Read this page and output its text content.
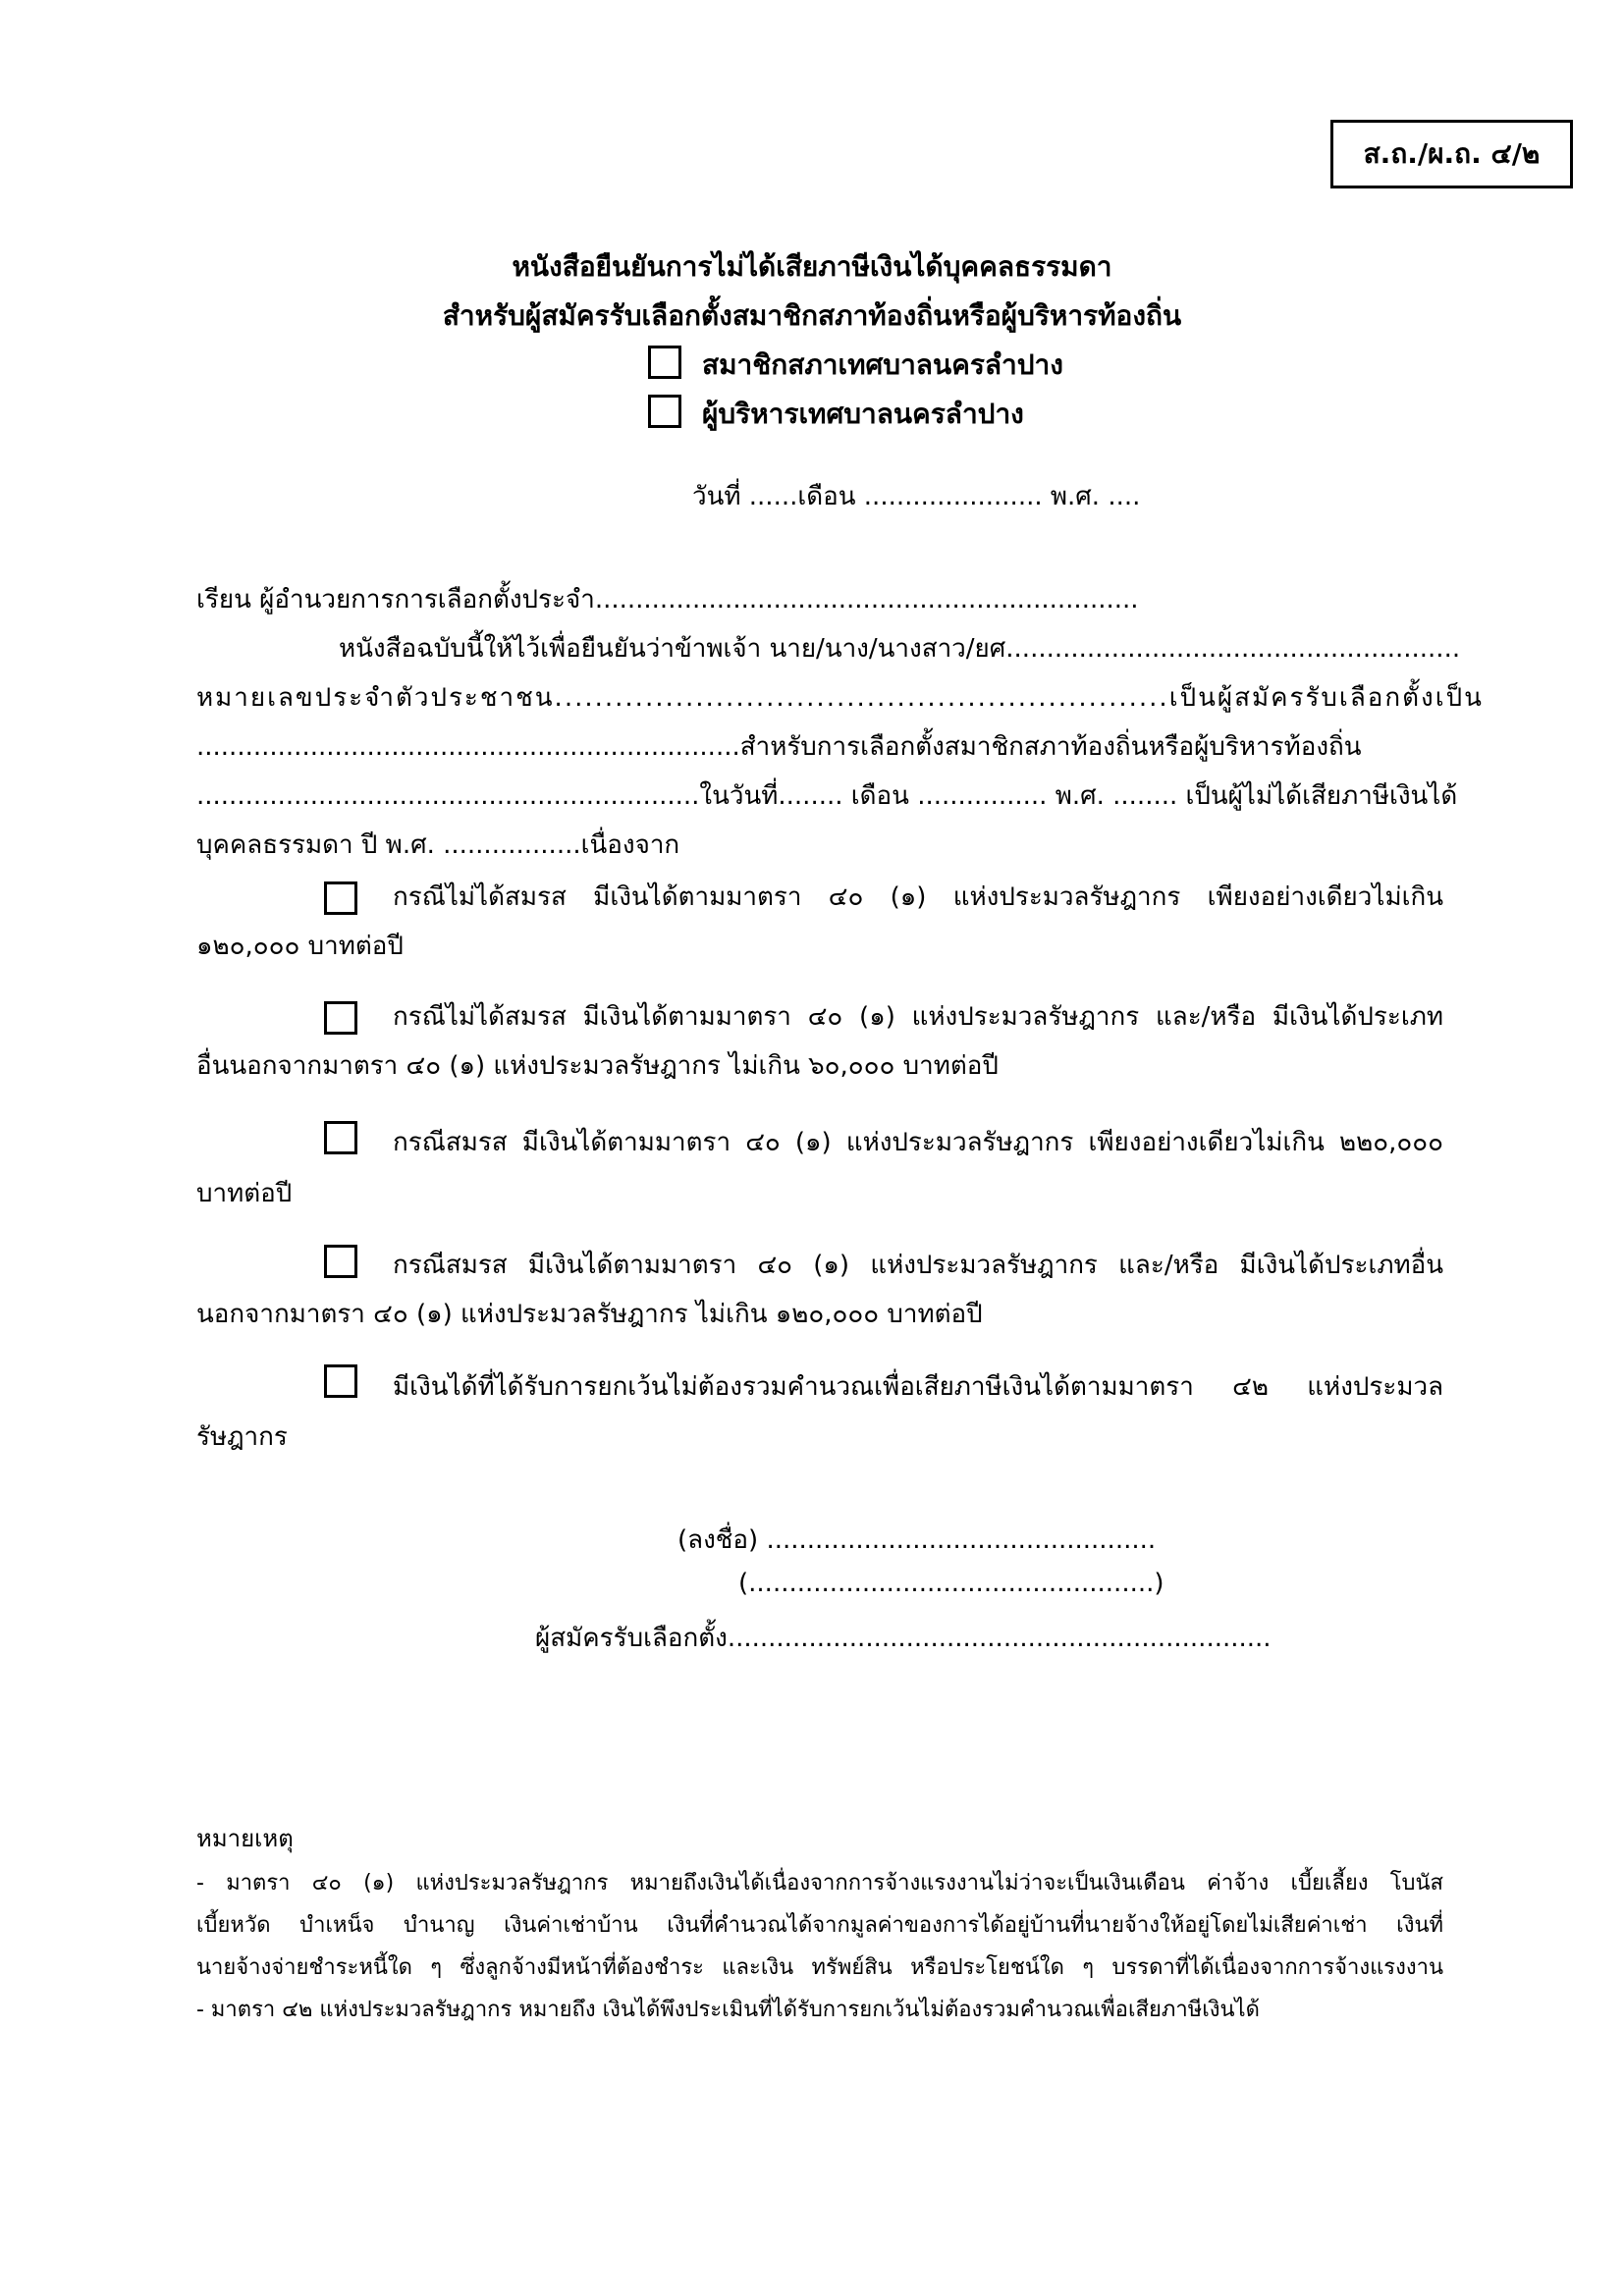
ส.ถ./ผ.ถ. ๔/๒
หนังสือยืนยันการไม่ได้เสียภาษีเงินได้บุคคลธรรมดา
สำหรับผู้สมัครรับเลือกตั้งสมาชิกสภาท้องถิ่นหรือผู้บริหารท้องถิ่น
สมาชิกสภาเทศบาลนครลำปาง
ผู้บริหารเทศบาลนครลำปาง
วันที่ ......เดือน ...................... พ.ศ. ....
เรียน ผู้อำนวยการการเลือกตั้งประจำ...................................................................
หนังสือฉบับนี้ให้ไว้เพื่อยืนยันว่าข้าพเจ้า นาย/นาง/นางสาว/ยศ........................................................
หมายเลขประจำตัวประชาชน.............................................................เป็นผู้สมัครรับเลือกตั้งเป็น
...................................................................สำหรับการเลือกตั้งสมาชิกสภาท้องถิ่นหรือผู้บริหารท้องถิ่น
..............................................................ในวันที่........ เดือน ................ พ.ศ. ........ เป็นผู้ไม่ได้เสียภาษีเงินได้
บุคคลธรรมดา ปี พ.ศ. .................เนื่องจาก
กรณีไม่ได้สมรส มีเงินได้ตามมาตรา ๔๐ (๑) แห่งประมวลรัษฎากร เพียงอย่างเดียวไม่เกิน
๑๒๐,๐๐๐ บาทต่อปี
กรณีไม่ได้สมรส มีเงินได้ตามมาตรา ๔๐ (๑) แห่งประมวลรัษฎากร และ/หรือ มีเงินได้ประเภท
อื่นนอกจากมาตรา ๔๐ (๑) แห่งประมวลรัษฎากร ไม่เกิน ๖๐,๐๐๐ บาทต่อปี
กรณีสมรส มีเงินได้ตามมาตรา ๔๐ (๑) แห่งประมวลรัษฎากร เพียงอย่างเดียวไม่เกิน ๒๒๐,๐๐๐
บาทต่อปี
กรณีสมรส มีเงินได้ตามมาตรา ๔๐ (๑) แห่งประมวลรัษฎากร และ/หรือ มีเงินได้ประเภทอื่น
นอกจากมาตรา ๔๐ (๑) แห่งประมวลรัษฎากร ไม่เกิน ๑๒๐,๐๐๐ บาทต่อปี
มีเงินได้ที่ได้รับการยกเว้นไม่ต้องรวมคำนวณเพื่อเสียภาษีเงินได้ตามมาตรา ๔๒ แห่งประมวล
รัษฎากร
(ลงชื่อ) ................................................
(..................................................)
ผู้สมัครรับเลือกตั้ง...................................................................
หมายเหตุ
- มาตรา ๔๐ (๑) แห่งประมวลรัษฎากร หมายถึงเงินได้เนื่องจากการจ้างแรงงานไม่ว่าจะเป็นเงินเดือน ค่าจ้าง เบี้ยเลี้ยง โบนัส
เบี้ยหวัด บำเหน็จ บำนาญ เงินค่าเช่าบ้าน เงินที่คำนวณได้จากมูลค่าของการได้อยู่บ้านที่นายจ้างให้อยู่โดยไม่เสียค่าเช่า เงินที่
นายจ้างจ่ายชำระหนี้ใด ๆ ซึ่งลูกจ้างมีหน้าที่ต้องชำระ และเงิน ทรัพย์สิน หรือประโยชน์ใด ๆ บรรดาที่ได้เนื่องจากการจ้างแรงงาน
- มาตรา ๔๒ แห่งประมวลรัษฎากร หมายถึง เงินได้พึงประเมินที่ได้รับการยกเว้นไม่ต้องรวมคำนวณเพื่อเสียภาษีเงินได้
